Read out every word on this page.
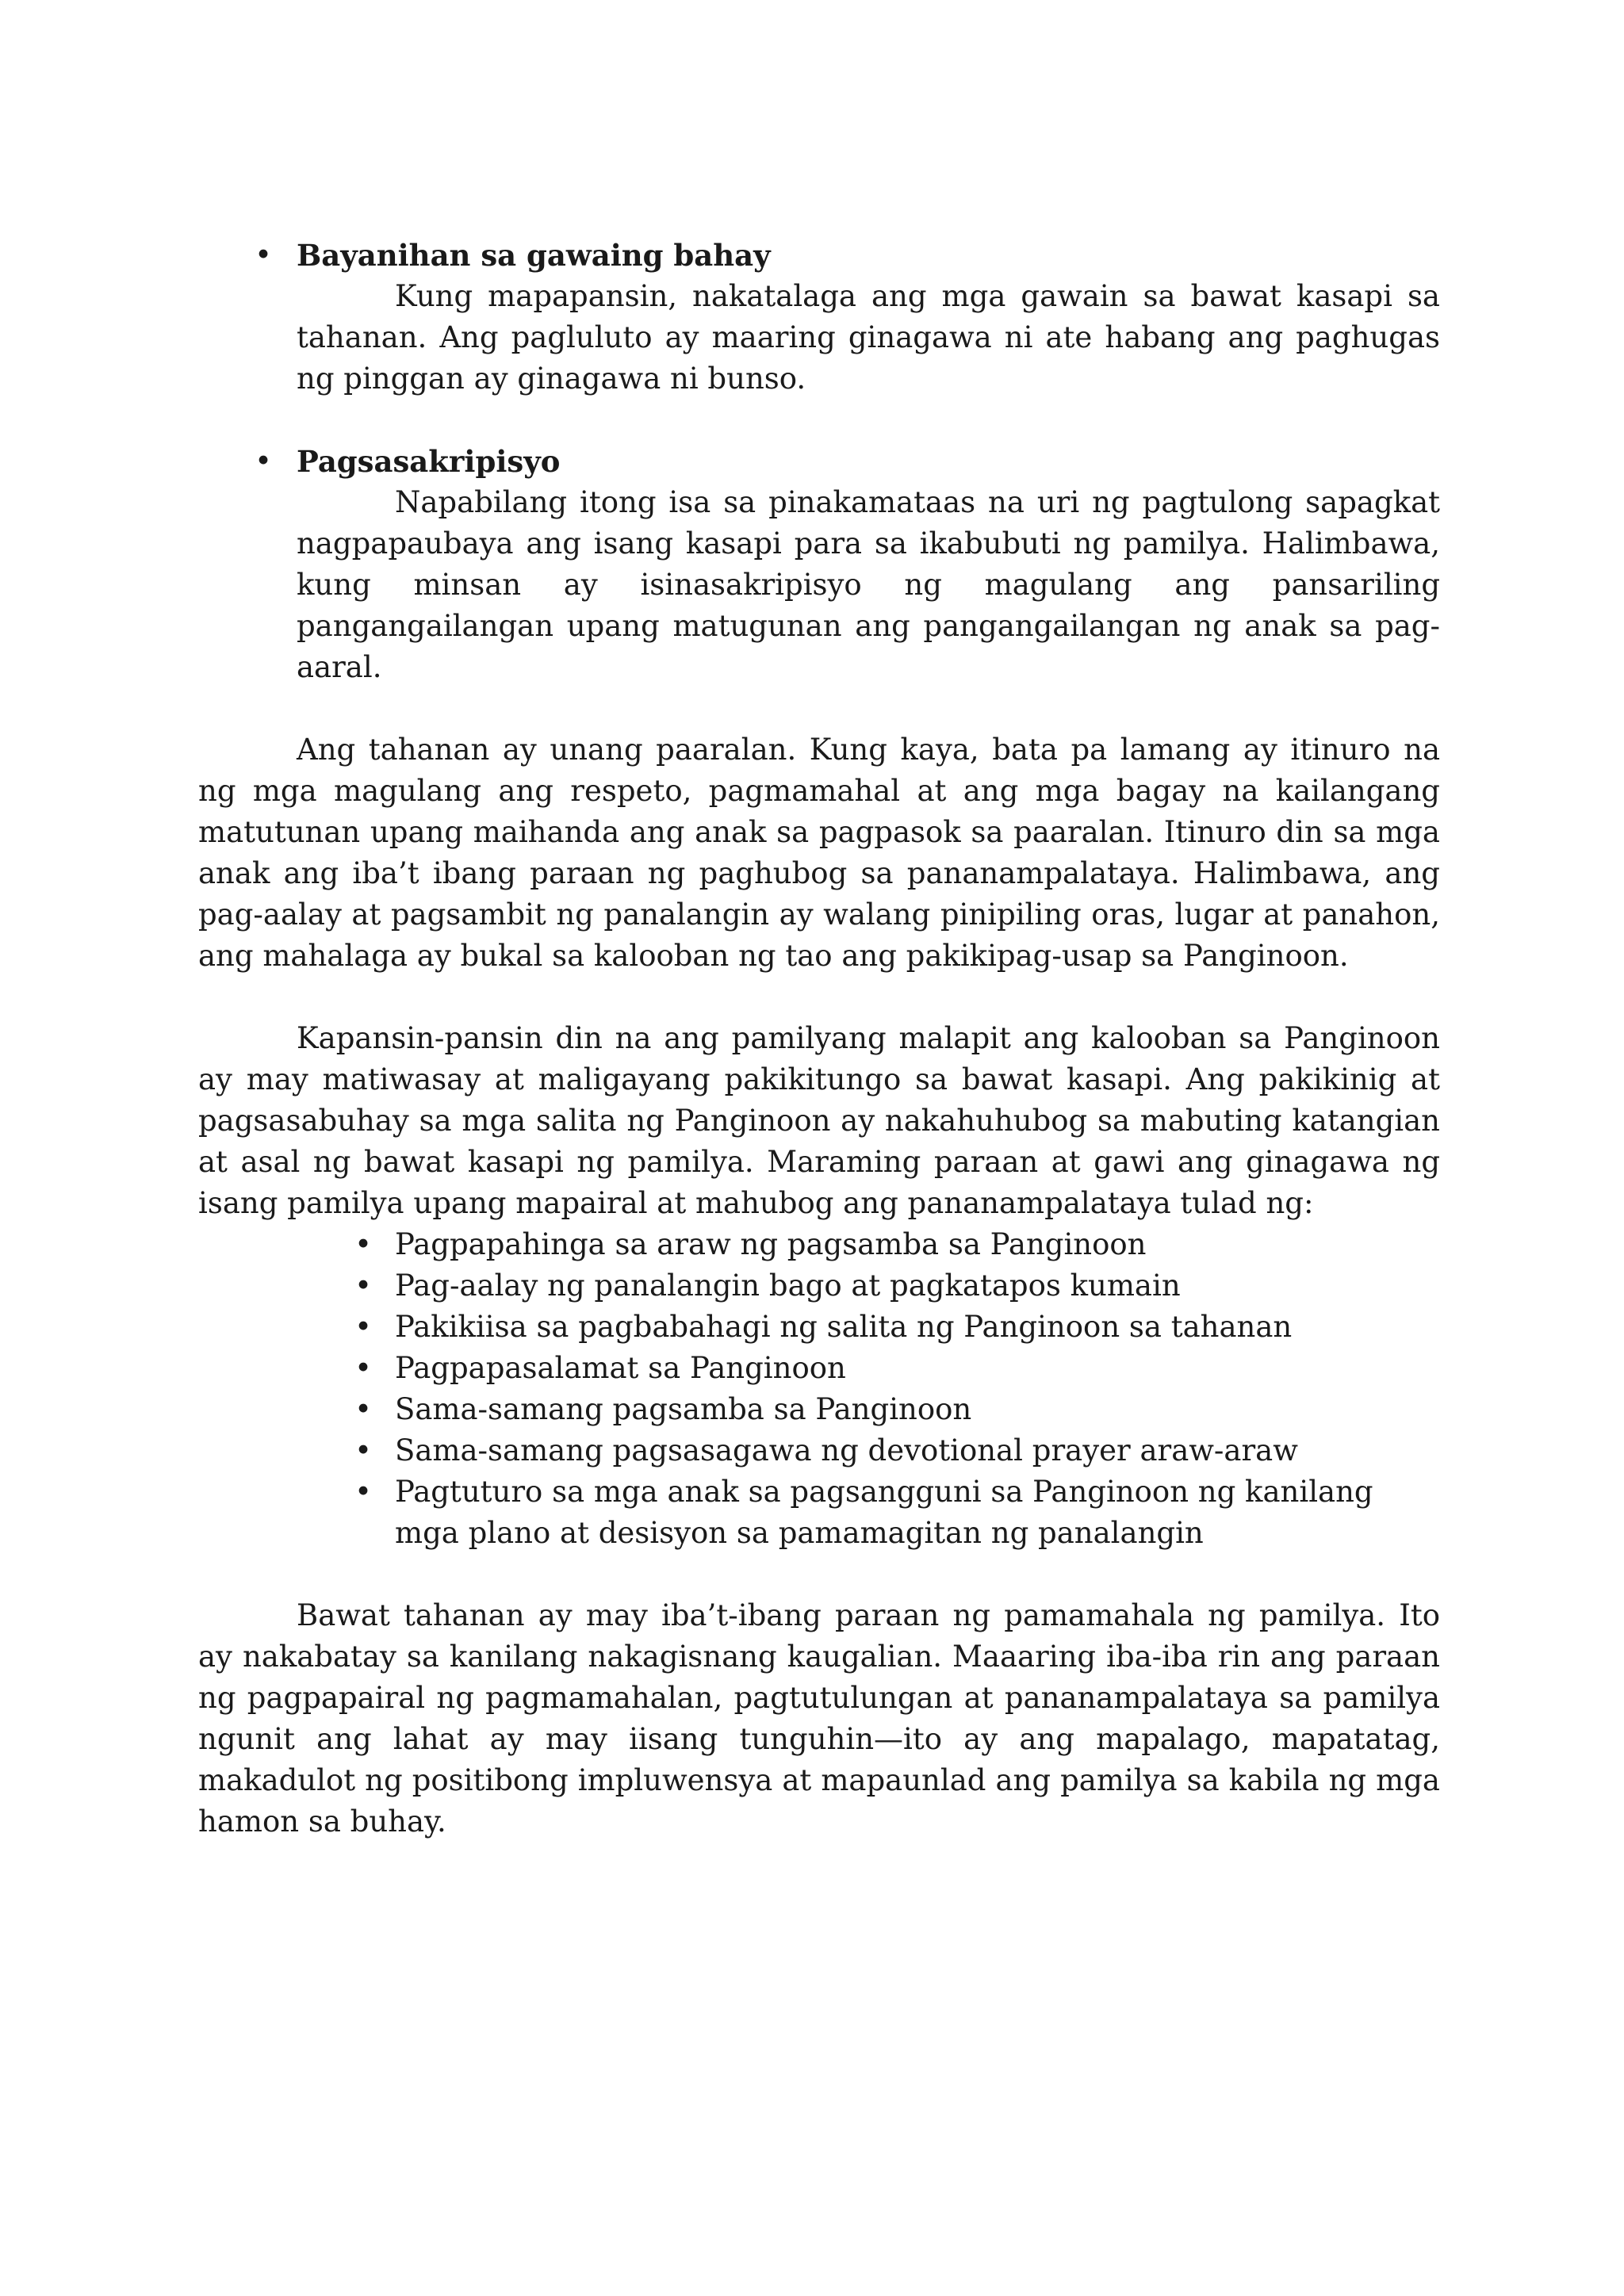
• Bayanihan sa gawaing bahay

Kung mapapansin, nakatalaga ang mga gawain sa bawat kasapi sa tahanan. Ang pagluluto ay maaring ginagawa ni ate habang ang paghugas ng pinggan ay ginagawa ni bunso.

• Pagsasakripisyo

Napabilang itong isa sa pinakamataas na uri ng pagtulong sapagkat nagpapaubaya ang isang kasapi para sa ikabubuti ng pamilya. Halimbawa, kung minsan ay isinasakripisyo ng magulang ang pansariling pangangailangan upang matugunan ang pangangailangan ng anak sa pag-aaral.

Ang tahanan ay unang paaralan. Kung kaya, bata pa lamang ay itinuro na ng mga magulang ang respeto, pagmamahal at ang mga bagay na kailangang matutunan upang maihanda ang anak sa pagpasok sa paaralan. Itinuro din sa mga anak ang iba’t ibang paraan ng paghubog sa pananampalataya. Halimbawa, ang pag-aalay at pagsambit ng panalangin ay walang pinipiling oras, lugar at panahon, ang mahalaga ay bukal sa kalooban ng tao ang pakikipag-usap sa Panginoon.

Kapansin-pansin din na ang pamilyang malapit ang kalooban sa Panginoon ay may matiwasay at maligayang pakikitungo sa bawat kasapi. Ang pakikinig at pagsasabuhay sa mga salita ng Panginoon ay nakahuhubog sa mabuting katangian at asal ng bawat kasapi ng pamilya. Maraming paraan at gawi ang ginagawa ng isang pamilya upang mapairal at mahubog ang pananampalataya tulad ng:

• Pagpapahinga sa araw ng pagsamba sa Panginoon
• Pag-aalay ng panalangin bago at pagkatapos kumain
• Pakikiisa sa pagbabahagi ng salita ng Panginoon sa tahanan
• Pagpapasalamat sa Panginoon
• Sama-samang pagsamba sa Panginoon
• Sama-samang pagsasagawa ng devotional prayer araw-araw
• Pagtuturo sa mga anak sa pagsangguni sa Panginoon ng kanilang mga plano at desisyon sa pamamagitan ng panalangin

Bawat tahanan ay may iba’t-ibang paraan ng pamamahala ng pamilya. Ito ay nakabatay sa kanilang nakagisnang kaugalian. Maaaring iba-iba rin ang paraan ng pagpapairal ng pagmamahalan, pagtutulungan at pananampalataya sa pamilya ngunit ang lahat ay may iisang tunguhin—ito ay ang mapalago, mapatatag, makadulot ng positibong impluwensya at mapaunlad ang pamilya sa kabila ng mga hamon sa buhay.
